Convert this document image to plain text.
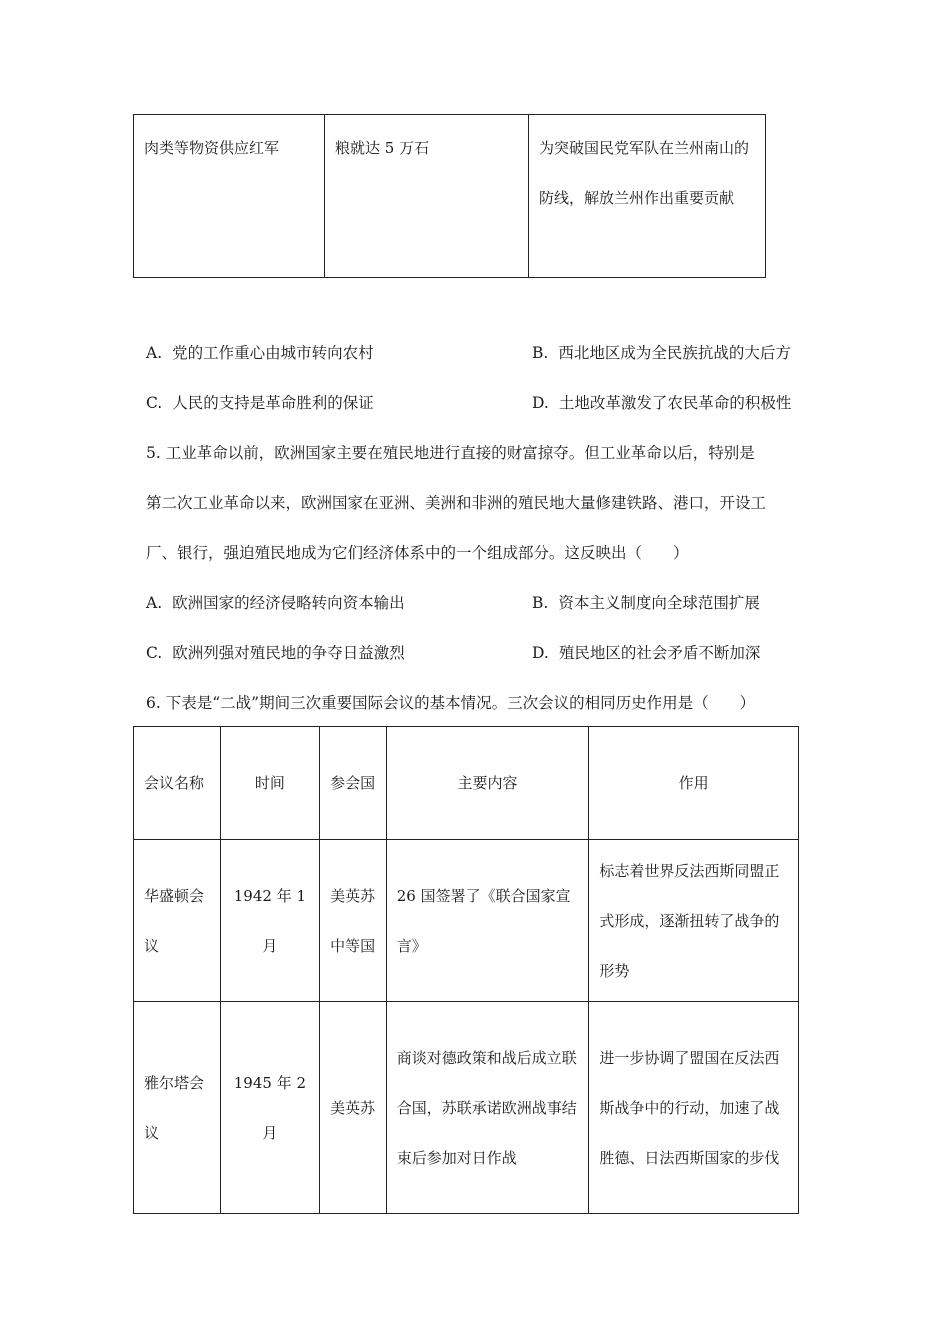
肉类等物资供应红军	粮就达 5 万石	为突破国民党军队在兰州南山的防线，解放兰州作出重要贡献
A. 党的工作重心由城市转向农村	B. 西北地区成为全民族抗战的大后方
C. 人民的支持是革命胜利的保证	D. 土地改革激发了农民革命的积极性
5. 工业革命以前，欧洲国家主要在殖民地进行直接的财富掠夺。但工业革命以后，特别是
第二次工业革命以来，欧洲国家在亚洲、美洲和非洲的殖民地大量修建铁路、港口，开设工
厂、银行，强迫殖民地成为它们经济体系中的一个组成部分。这反映出（　　）
A. 欧洲国家的经济侵略转向资本输出	B. 资本主义制度向全球范围扩展
C. 欧洲列强对殖民地的争夺日益激烈	D. 殖民地区的社会矛盾不断加深
6. 下表是“二战”期间三次重要国际会议的基本情况。三次会议的相同历史作用是（　　）
会议名称	时间	参会国	主要内容	作用
华盛顿会议	1942 年 1 月	美英苏中等国	26 国签署了《联合国家宣言》	标志着世界反法西斯同盟正式形成，逐渐扭转了战争的形势
雅尔塔会议	1945 年 2 月	美英苏	商谈对德政策和战后成立联合国，苏联承诺欧洲战事结束后参加对日作战	进一步协调了盟国在反法西斯战争中的行动，加速了战胜德、日法西斯国家的步伐
